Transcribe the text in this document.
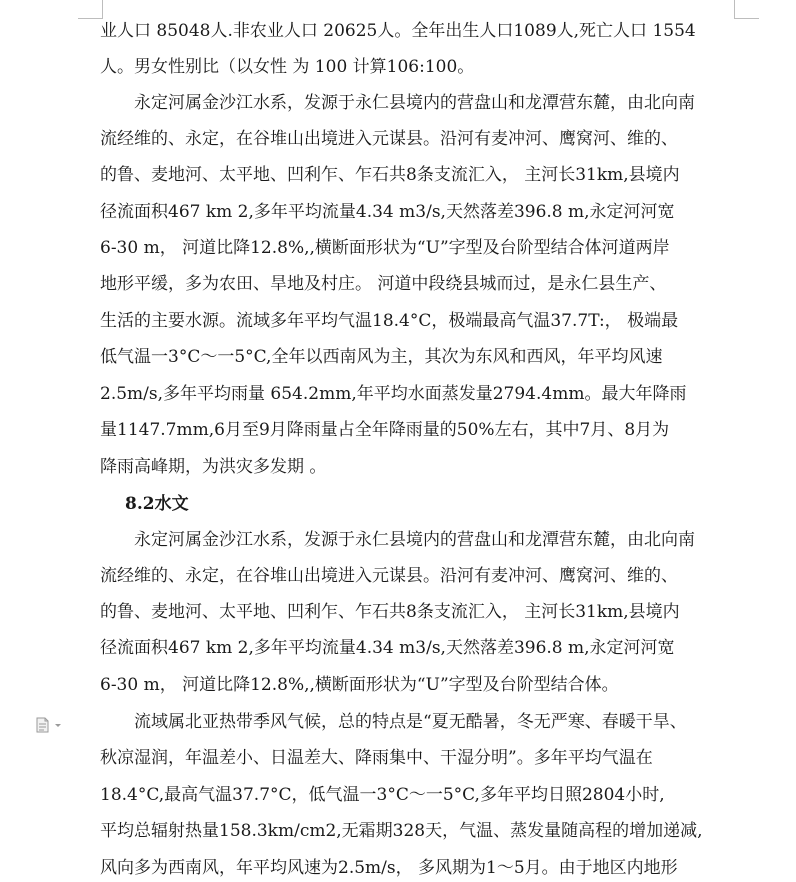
业人口 85048人.非农业人口 20625人。全年出生人口1089人,死亡人口 1554
人。男女性别比（以女性 为 100 计算106:100。
　　永定河属金沙江水系，发源于永仁县境内的营盘山和龙潭营东麓，由北向南
流经维的、永定，在谷堆山出境进入元谋县。沿河有麦冲河、鹰窝河、维的、
的鲁、麦地河、太平地、凹利乍、乍石共8条支流汇入， 主河长31km,县境内
径流面积467 km 2,多年平均流量4.34 m3/s,天然落差396.8 m,永定河河宽
6-30 m， 河道比降12.8%,,横断面形状为“U”字型及台阶型结合体河道两岸
地形平缓，多为农田、旱地及村庄。 河道中段绕县城而过，是永仁县生产、
生活的主要水源。流域多年平均气温18.4°C，极端最高气温37.7T:， 极端最
低气温一3°C～一5°C,全年以西南风为主，其次为东风和西风，年平均风速
2.5m/s,多年平均雨量 654.2mm,年平均水面蒸发量2794.4mm。最大年降雨
量1147.7mm,6月至9月降雨量占全年降雨量的50%左右，其中7月、8月为
降雨高峰期，为洪灾多发期 。
8.2水文
　　永定河属金沙江水系，发源于永仁县境内的营盘山和龙潭营东麓，由北向南
流经维的、永定，在谷堆山出境进入元谋县。沿河有麦冲河、鹰窝河、维的、
的鲁、麦地河、太平地、凹利乍、乍石共8条支流汇入， 主河长31km,县境内
径流面积467 km 2,多年平均流量4.34 m3/s,天然落差396.8 m,永定河河宽
6-30 m， 河道比降12.8%,,横断面形状为“U”字型及台阶型结合体。
　　流域属北亚热带季风气候，总的特点是“夏无酷暑，冬无严寒、春暖干旱、
秋凉湿润，年温差小、日温差大、降雨集中、干湿分明”。多年平均气温在
18.4°C,最高气温37.7°C，低气温一3°C～一5°C,多年平均日照2804小时,
平均总辐射热量158.3km/cm2,无霜期328天，气温、蒸发量随高程的增加递减,
风向多为西南风，年平均风速为2.5m/s， 多风期为1～5月。由于地区内地形
